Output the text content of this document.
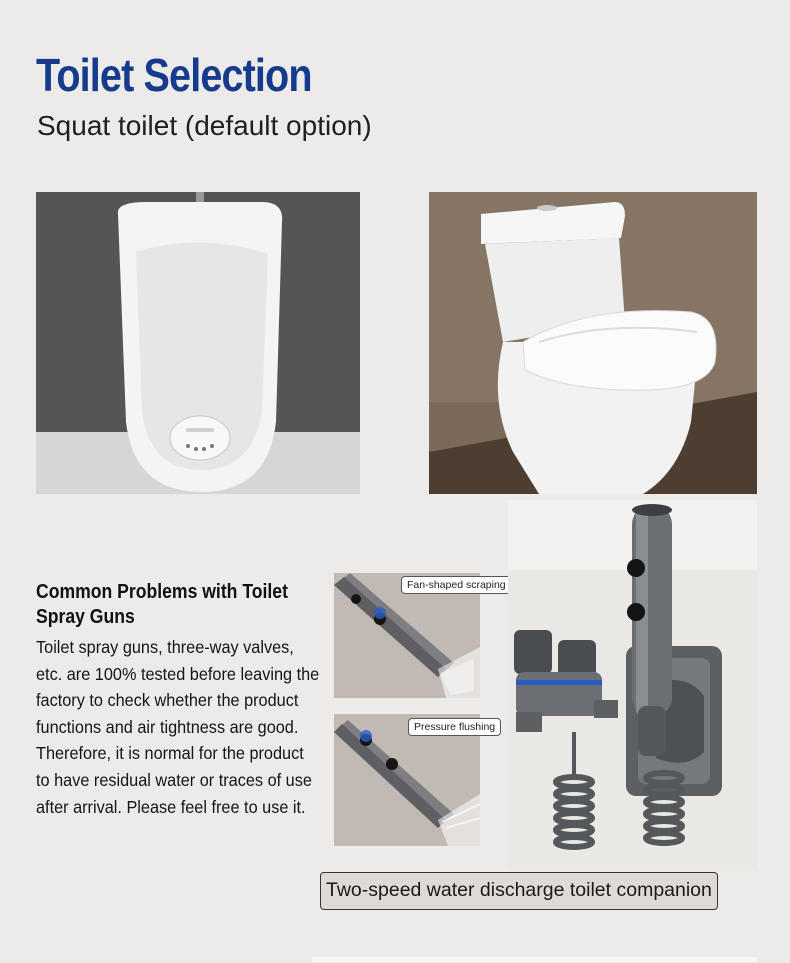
Toilet Selection
Squat toilet (default option)
Common Problems with Toilet Spray Guns
Toilet spray guns, three-way valves, etc. are 100% tested before leaving the factory to check whether the product functions and air tightness are good. Therefore, it is normal for the product to have residual water or traces of use after arrival. Please feel free to use it.
Fan-shaped scraping
Pressure flushing
Two-speed water discharge toilet companion
